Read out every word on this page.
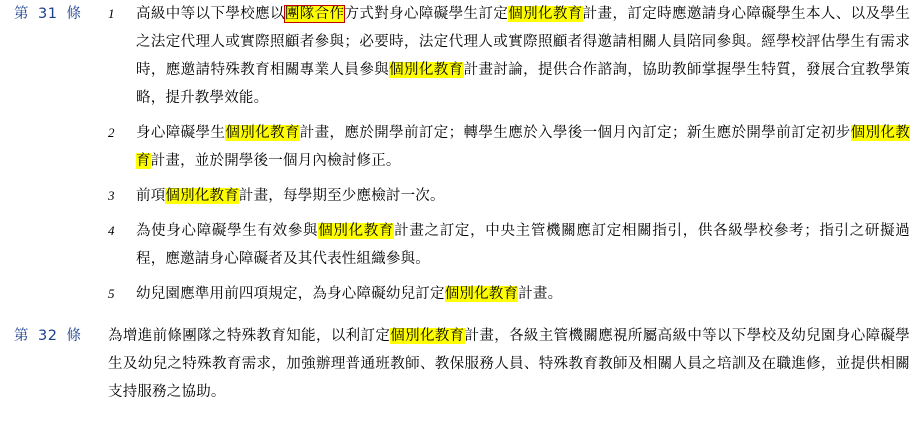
第 31 條	1	高級中等以下學校應以團隊合作方式對身心障礙學生訂定個別化教育計畫，訂定時應邀請身心障礙學生本人、以及學生之法定代理人或實際照顧者參與；必要時，法定代理人或實際照顧者得邀請相關人員陪同參與。經學校評估學生有需求時，應邀請特殊教育相關專業人員參與個別化教育計畫討論，提供合作諮詢，協助教師掌握學生特質，發展合宜教學策略，提升教學效能。
2	身心障礙學生個別化教育計畫，應於開學前訂定；轉學生應於入學後一個月內訂定；新生應於開學前訂定初步個別化教育計畫，並於開學後一個月內檢討修正。
3	前項個別化教育計畫，每學期至少應檢討一次。
4	為使身心障礙學生有效參與個別化教育計畫之訂定，中央主管機關應訂定相關指引，供各級學校參考；指引之研擬過程，應邀請身心障礙者及其代表性組織參與。
5	幼兒園應準用前四項規定，為身心障礙幼兒訂定個別化教育計畫。
第 32 條	為增進前條團隊之特殊教育知能，以利訂定個別化教育計畫，各級主管機關應視所屬高級中等以下學校及幼兒園身心障礙學生及幼兒之特殊教育需求，加強辦理普通班教師、教保服務人員、特殊教育教師及相關人員之培訓及在職進修，並提供相關支持服務之協助。
